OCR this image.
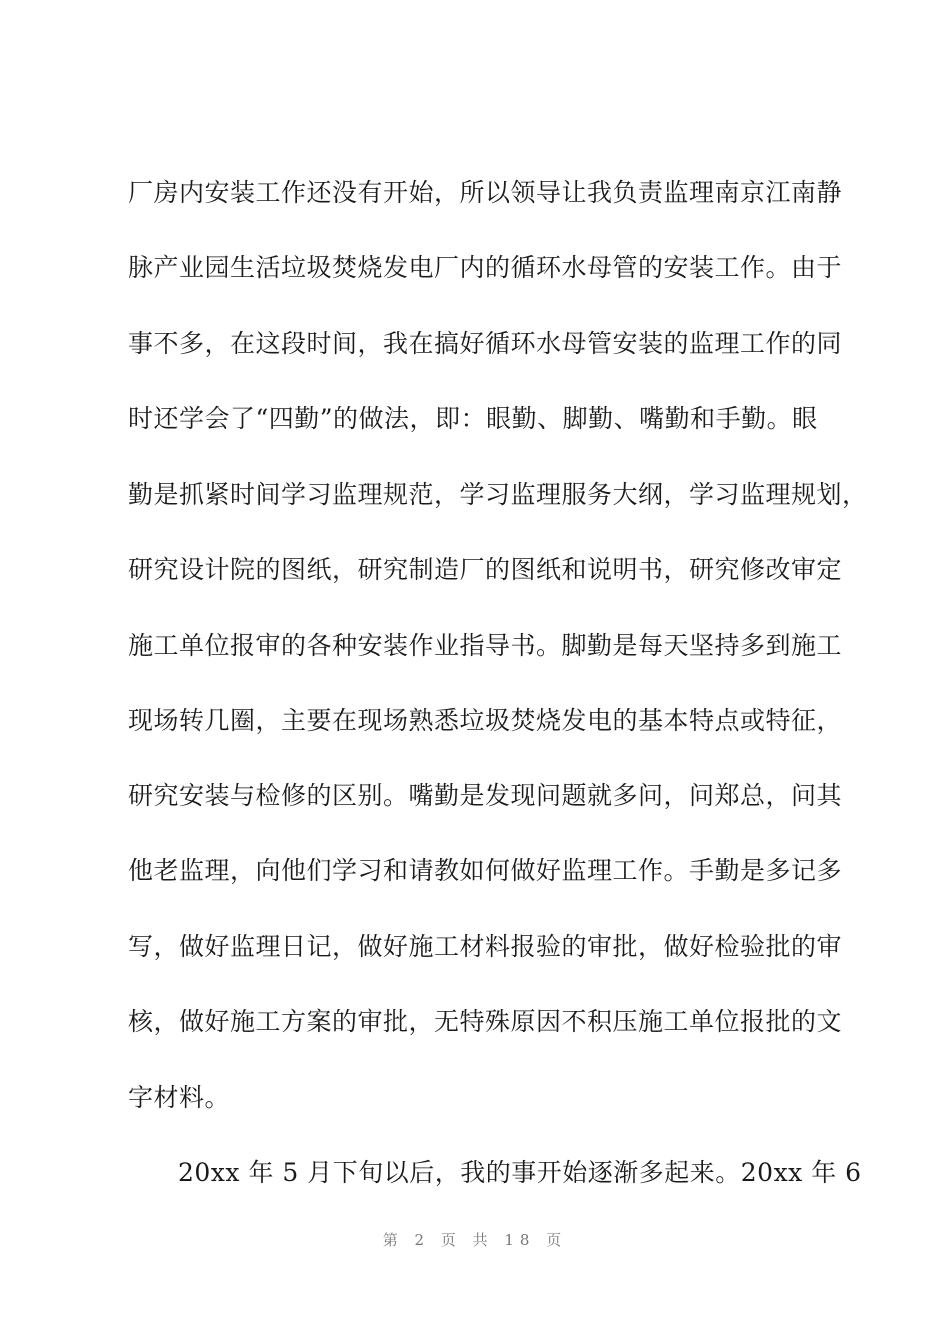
厂房内安装工作还没有开始，所以领导让我负责监理南京江南静
脉产业园生活垃圾焚烧发电厂内的循环水母管的安装工作。由于
事不多，在这段时间，我在搞好循环水母管安装的监理工作的同
时还学会了“四勤”的做法，即：眼勤、脚勤、嘴勤和手勤。眼
勤是抓紧时间学习监理规范，学习监理服务大纲，学习监理规划，
研究设计院的图纸，研究制造厂的图纸和说明书，研究修改审定
施工单位报审的各种安装作业指导书。脚勤是每天坚持多到施工
现场转几圈，主要在现场熟悉垃圾焚烧发电的基本特点或特征，
研究安装与检修的区别。嘴勤是发现问题就多问，问郑总，问其
他老监理，向他们学习和请教如何做好监理工作。手勤是多记多
写，做好监理日记，做好施工材料报验的审批，做好检验批的审
核，做好施工方案的审批，无特殊原因不积压施工单位报批的文
字材料。
20xx 年 5 月下旬以后，我的事开始逐渐多起来。20xx 年 6
第 2 页 共 18 页
